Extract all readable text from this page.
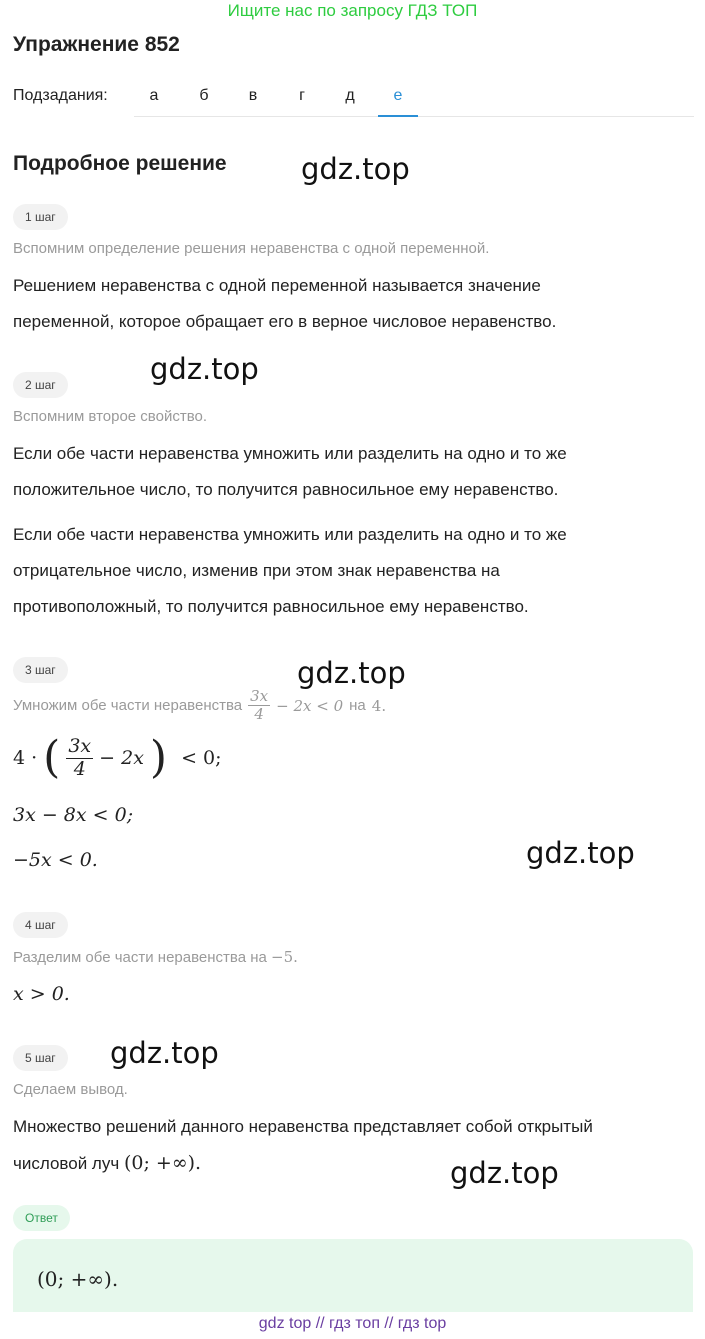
Ищите нас по запросу ГДЗ ТОП
Упражнение 852
Подзадания:	а	б	в	г	д	е
Подробное решение	gdz.top
1 шаг
Вспомним определение решения неравенства с одной переменной.
Решением неравенства с одной переменной называется значение
переменной, которое обращает его в верное числовое неравенство.
2 шаг	gdz.top
Вспомним второе свойство.
Если обе части неравенства умножить или разделить на одно и то же
положительное число, то получится равносильное ему неравенство.
Если обе части неравенства умножить или разделить на одно и то же
отрицательное число, изменив при этом знак неравенства на
противоположный, то получится равносильное ему неравенство.
3 шаг	gdz.top
Умножим обе части неравенства $\frac{3x}{4} - 2x < 0$ на 4.
4 · ( $\frac{3x}{4} - 2x$ ) < 0;
3x − 8x < 0;
−5x < 0.	gdz.top
4 шаг
Разделим обе части неравенства на −5.
x > 0.
5 шаг	gdz.top
Сделаем вывод.
Множество решений данного неравенства представляет собой открытый
числовой луч (0; +∞).	gdz.top
Ответ
(0; +∞).
gdz top // гдз топ // гдз top
